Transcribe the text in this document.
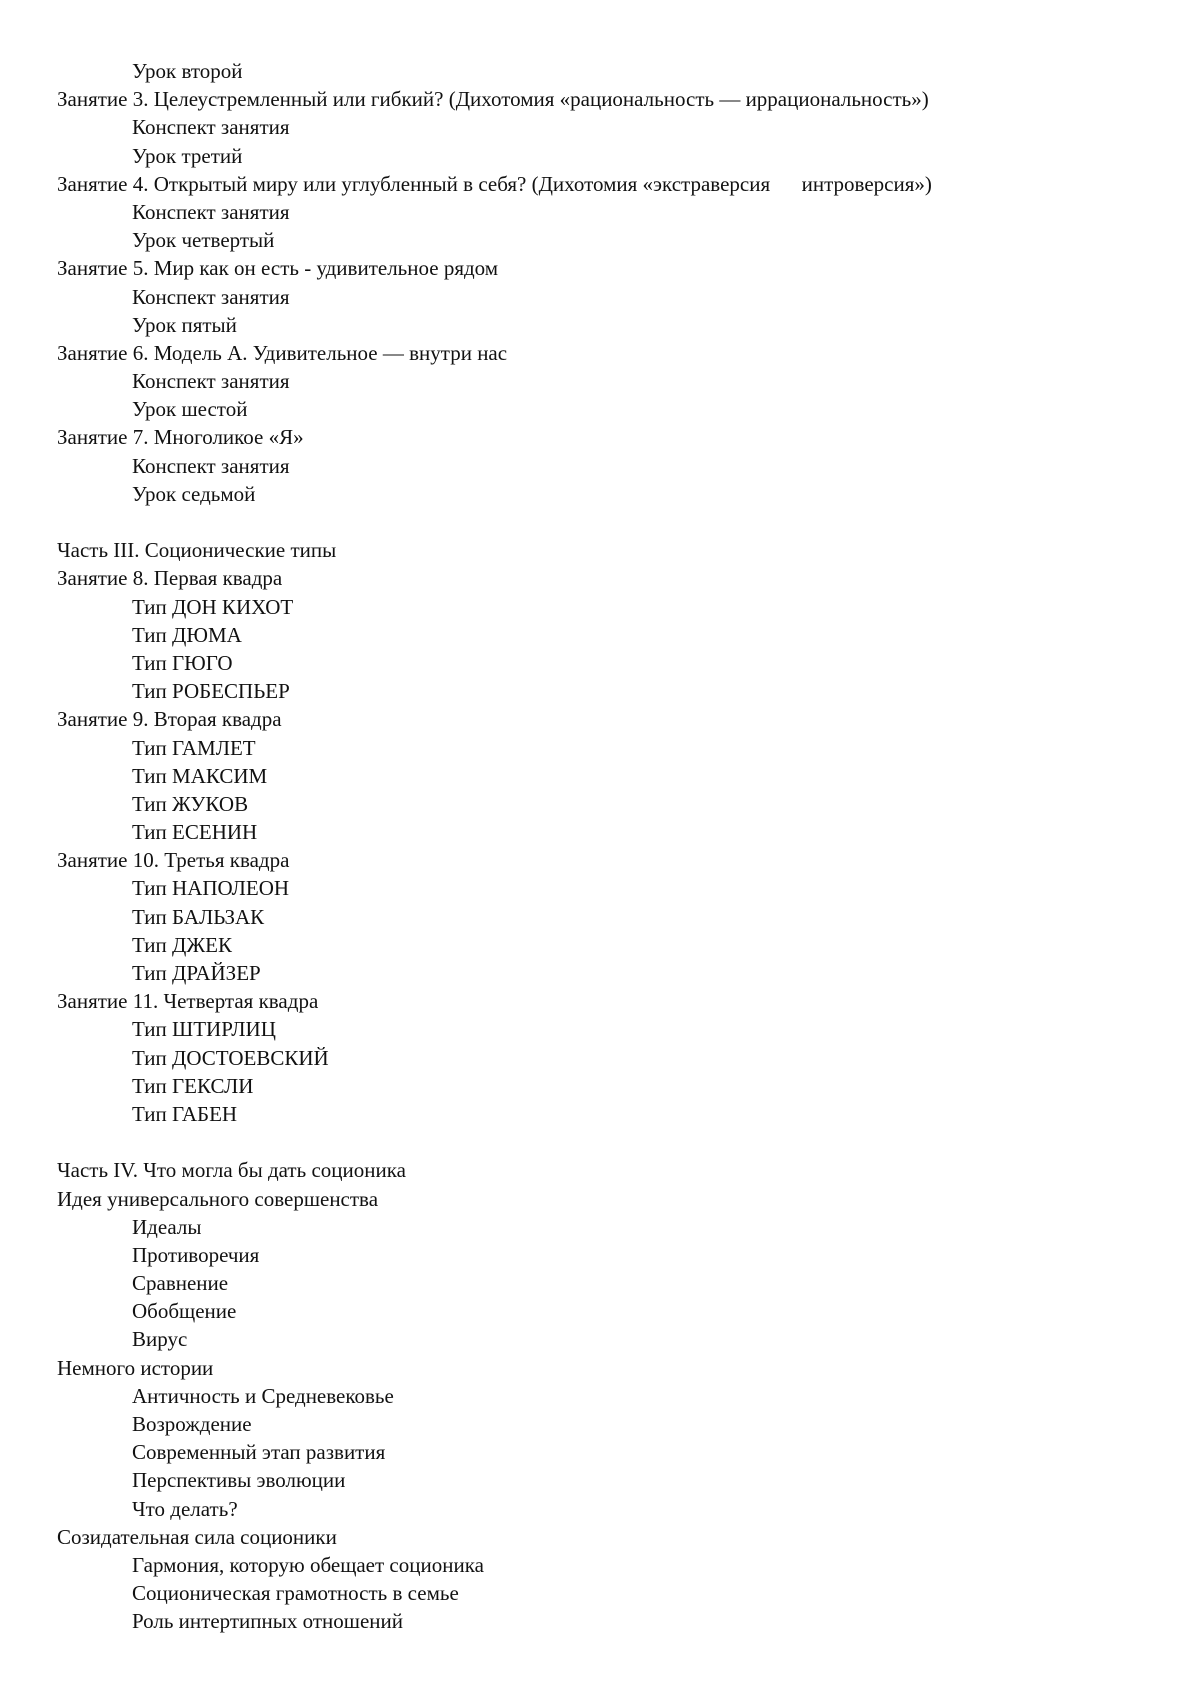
Урок второй
Занятие 3. Целеустремленный или гибкий? (Дихотомия «рациональность — иррациональность»)
Конспект занятия
Урок третий
Занятие 4. Открытый миру или углубленный в себя? (Дихотомия «экстраверсия      интроверсия»)
Конспект занятия
Урок четвертый
Занятие 5. Мир как он есть - удивительное рядом
Конспект занятия
Урок пятый
Занятие 6. Модель А. Удивительное — внутри нас
Конспект занятия
Урок шестой
Занятие 7. Многоликое «Я»
Конспект занятия
Урок седьмой
Часть III. Соционические типы
Занятие 8. Первая квадра
Тип ДОН КИХОТ
Тип ДЮМА
Тип ГЮГО
Тип РОБЕСПЬЕР
Занятие 9. Вторая квадра
Тип ГАМЛЕТ
Тип МАКСИМ
Тип ЖУКОВ
Тип ЕСЕНИН
Занятие 10. Третья квадра
Тип НАПОЛЕОН
Тип БАЛЬЗАК
Тип ДЖЕК
Тип ДРАЙЗЕР
Занятие 11. Четвертая квадра
Тип ШТИРЛИЦ
Тип ДОСТОЕВСКИЙ
Тип ГЕКСЛИ
Тип ГАБЕН
Часть IV. Что могла бы дать соционика
Идея универсального совершенства
Идеалы
Противоречия
Сравнение
Обобщение
Вирус
Немного истории
Античность и Средневековье
Возрождение
Современный этап развития
Перспективы эволюции
Что делать?
Созидательная сила соционики
Гармония, которую обещает соционика
Соционическая грамотность в семье
Роль интертипных отношений
